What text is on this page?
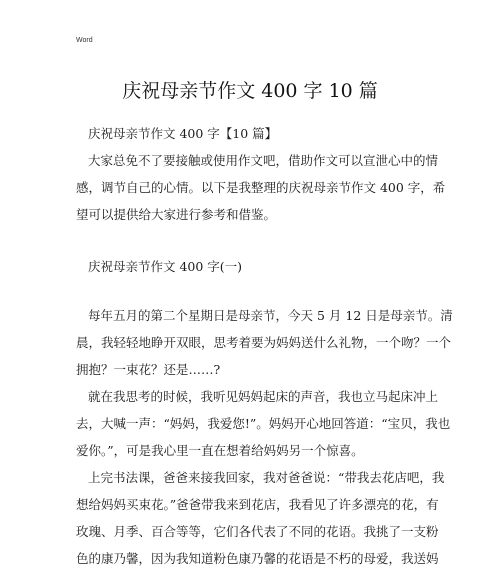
Word
庆祝母亲节作文 400 字 10 篇
庆祝母亲节作文 400 字【10 篇】
大家总免不了要接触或使用作文吧，借助作文可以宣泄心中的情
感，调节自己的心情。以下是我整理的庆祝母亲节作文 400 字，希
望可以提供给大家进行参考和借鉴。
庆祝母亲节作文 400 字(一)
每年五月的第二个星期日是母亲节，今天 5 月 12 日是母亲节。清
晨，我轻轻地睁开双眼，思考着要为妈妈送什么礼物，一个吻？一个
拥抱？一束花？还是……?
就在我思考的时候，我听见妈妈起床的声音，我也立马起床冲上
去，大喊一声：“妈妈，我爱您!”。妈妈开心地回答道：“宝贝，我也
爱你。”，可是我心里一直在想着给妈妈另一个惊喜。
上完书法课，爸爸来接我回家，我对爸爸说：“带我去花店吧，我
想给妈妈买束花。”爸爸带我来到花店，我看见了许多漂亮的花，有
玫瑰、月季、百合等等，它们各代表了不同的花语。我挑了一支粉
色的康乃馨，因为我知道粉色康乃馨的花语是不朽的母爱，我送妈
